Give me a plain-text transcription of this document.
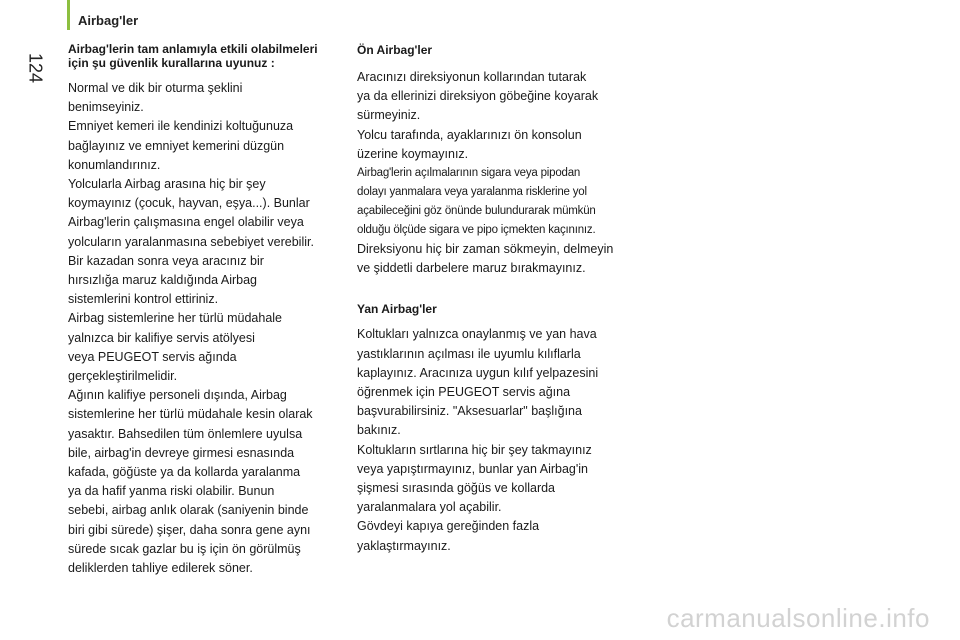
Airbag'ler
124
Airbag'lerin tam anlamıyla etkili olabilmeleri
için şu güvenlik kurallarına uyunuz :
Normal ve dik bir oturma şeklini
benimseyiniz.
Emniyet kemeri ile kendinizi koltuğunuza
bağlayınız ve emniyet kemerini düzgün
konumlandırınız.
Yolcularla Airbag arasına hiç bir şey
koymayınız (çocuk, hayvan, eşya...). Bunlar
Airbag'lerin çalışmasına engel olabilir veya
yolcuların yaralanmasına sebebiyet verebilir.
Bir kazadan sonra veya aracınız bir
hırsızlığa maruz kaldığında Airbag
sistemlerini kontrol ettiriniz.
Airbag sistemlerine her türlü müdahale
yalnızca bir kalifiye servis atölyesi
veya PEUGEOT servis ağında
gerçekleştirilmelidir.
Ağının kalifiye personeli dışında, Airbag
sistemlerine her türlü müdahale kesin olarak
yasaktır. Bahsedilen tüm önlemlere uyulsa
bile, airbag'in devreye girmesi esnasında
kafada, göğüste ya da kollarda yaralanma
ya da hafif yanma riski olabilir. Bunun
sebebi, airbag anlık olarak (saniyenin binde
biri gibi sürede) şişer, daha sonra gene aynı
sürede sıcak gazlar bu iş için ön görülmüş
deliklerden tahliye edilerek söner.
Ön Airbag'ler
Aracınızı direksiyonun kollarından tutarak
ya da ellerinizi direksiyon göbeğine koyarak
sürmeyiniz.
Yolcu tarafında, ayaklarınızı ön konsolun
üzerine koymayınız.
Airbag'lerin açılmalarının sigara veya pipodan
dolayı yanmalara veya yaralanma risklerine yol
açabileceğini göz önünde bulundurarak mümkün
olduğu ölçüde sigara ve pipo içmekten kaçınınız.
Direksiyonu hiç bir zaman sökmeyin, delmeyin
ve şiddetli darbelere maruz bırakmayınız.
Yan Airbag'ler
Koltukları yalnızca onaylanmış ve yan hava
yastıklarının açılması ile uyumlu kılıflarla
kaplayınız. Aracınıza uygun kılıf yelpazesini
öğrenmek için PEUGEOT servis ağına
başvurabilirsiniz. "Aksesuarlar" başlığına
bakınız.
Koltukların sırtlarına hiç bir şey takmayınız
veya yapıştırmayınız, bunlar yan Airbag'in
şişmesi sırasında göğüs ve kollarda
yaralanmalara yol açabilir.
Gövdeyi kapıya gereğinden fazla
yaklaştırmayınız.
carmanualsonline.info
